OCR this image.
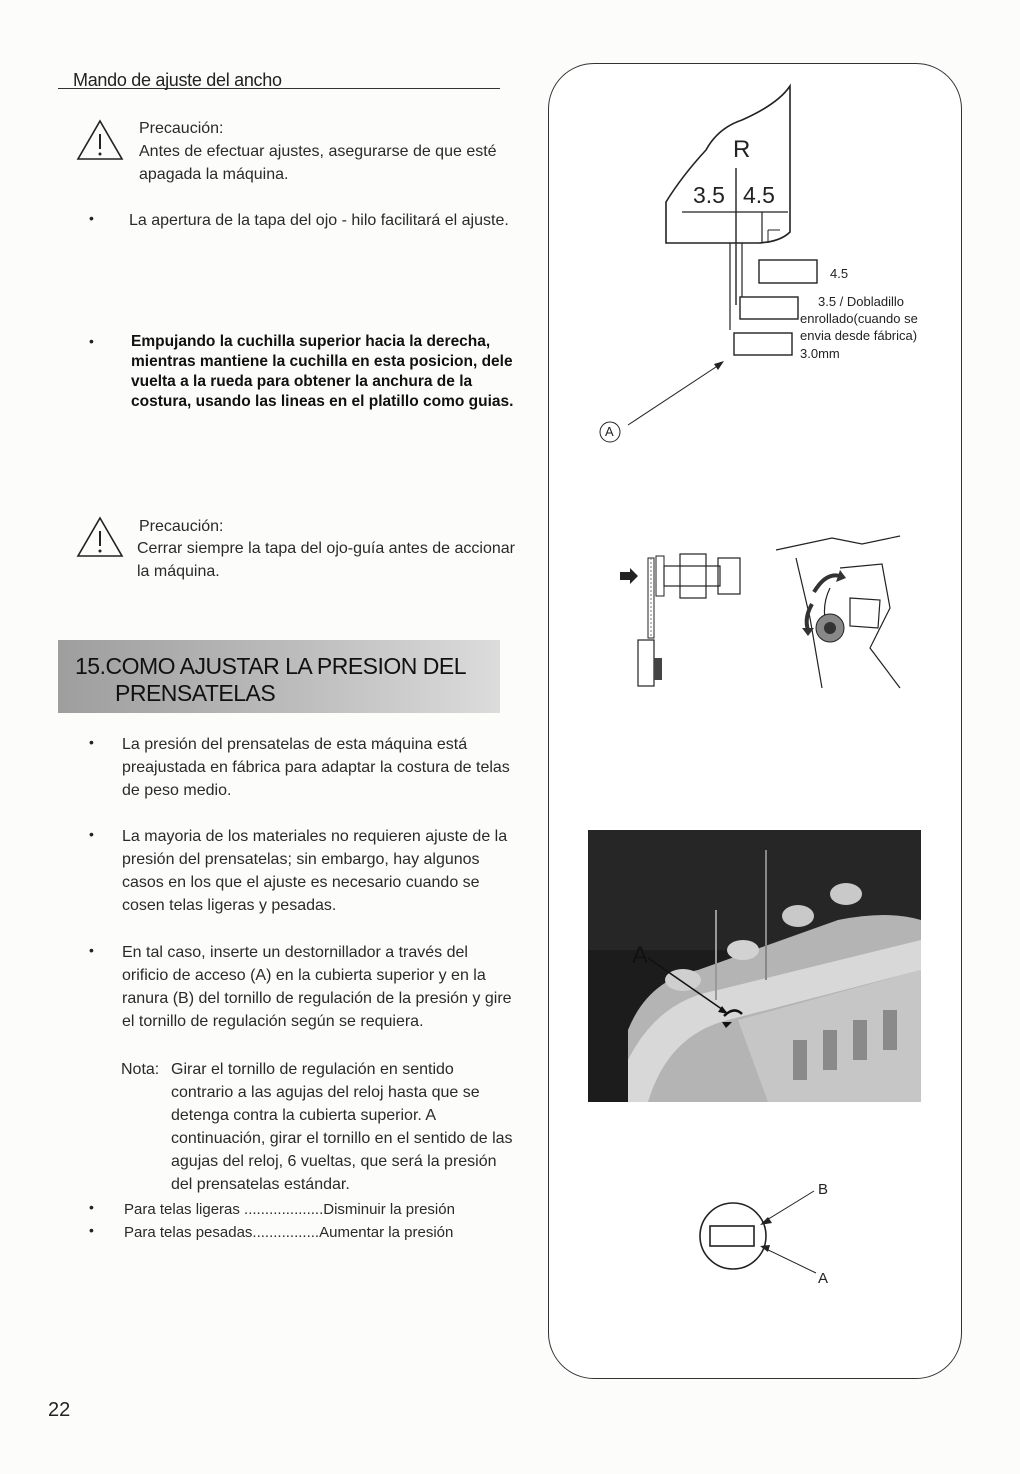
Mando de ajuste del ancho
Precaución:
Antes de efectuar ajustes, asegurarse de que esté apagada la máquina.
• La apertura de la tapa del ojo - hilo facilitará el ajuste.
• Empujando la cuchilla superior hacia la derecha, mientras mantiene la cuchilla en esta posicion, dele vuelta a la rueda para obtener la anchura de la costura, usando las lineas en el platillo como guias.
Precaución:
Cerrar siempre la tapa del ojo-guía antes de accionar la máquina.
15.COMO AJUSTAR LA PRESION DEL
PRENSATELAS
• La presión del prensatelas de esta máquina está preajustada en fábrica para adaptar la costura de telas de peso medio.
• La mayoria de los materiales no requieren ajuste de la presión del prensatelas; sin embargo, hay algunos casos en los que el ajuste es necesario cuando se cosen telas ligeras y pesadas.
• En tal caso, inserte un destornillador a través del orificio de acceso (A) en la cubierta superior y en la ranura (B) del tornillo de regulación de la presión y gire el tornillo de regulación según se requiera.
Nota: Girar el tornillo de regulación en sentido contrario a las agujas del reloj hasta que se detenga contra la cubierta superior. A continuación, girar el tornillo en el sentido de las agujas del reloj, 6 vueltas, que será la presión del prensatelas estándar.
• Para telas ligeras ...................Disminuir la presión
• Para telas pesadas................Aumentar la presión
22
R
3.5 4.5
4.5
3.5 / Dobladillo
enrollado(cuando se
envia desde fábrica)
3.0mm
A
A
B
A
